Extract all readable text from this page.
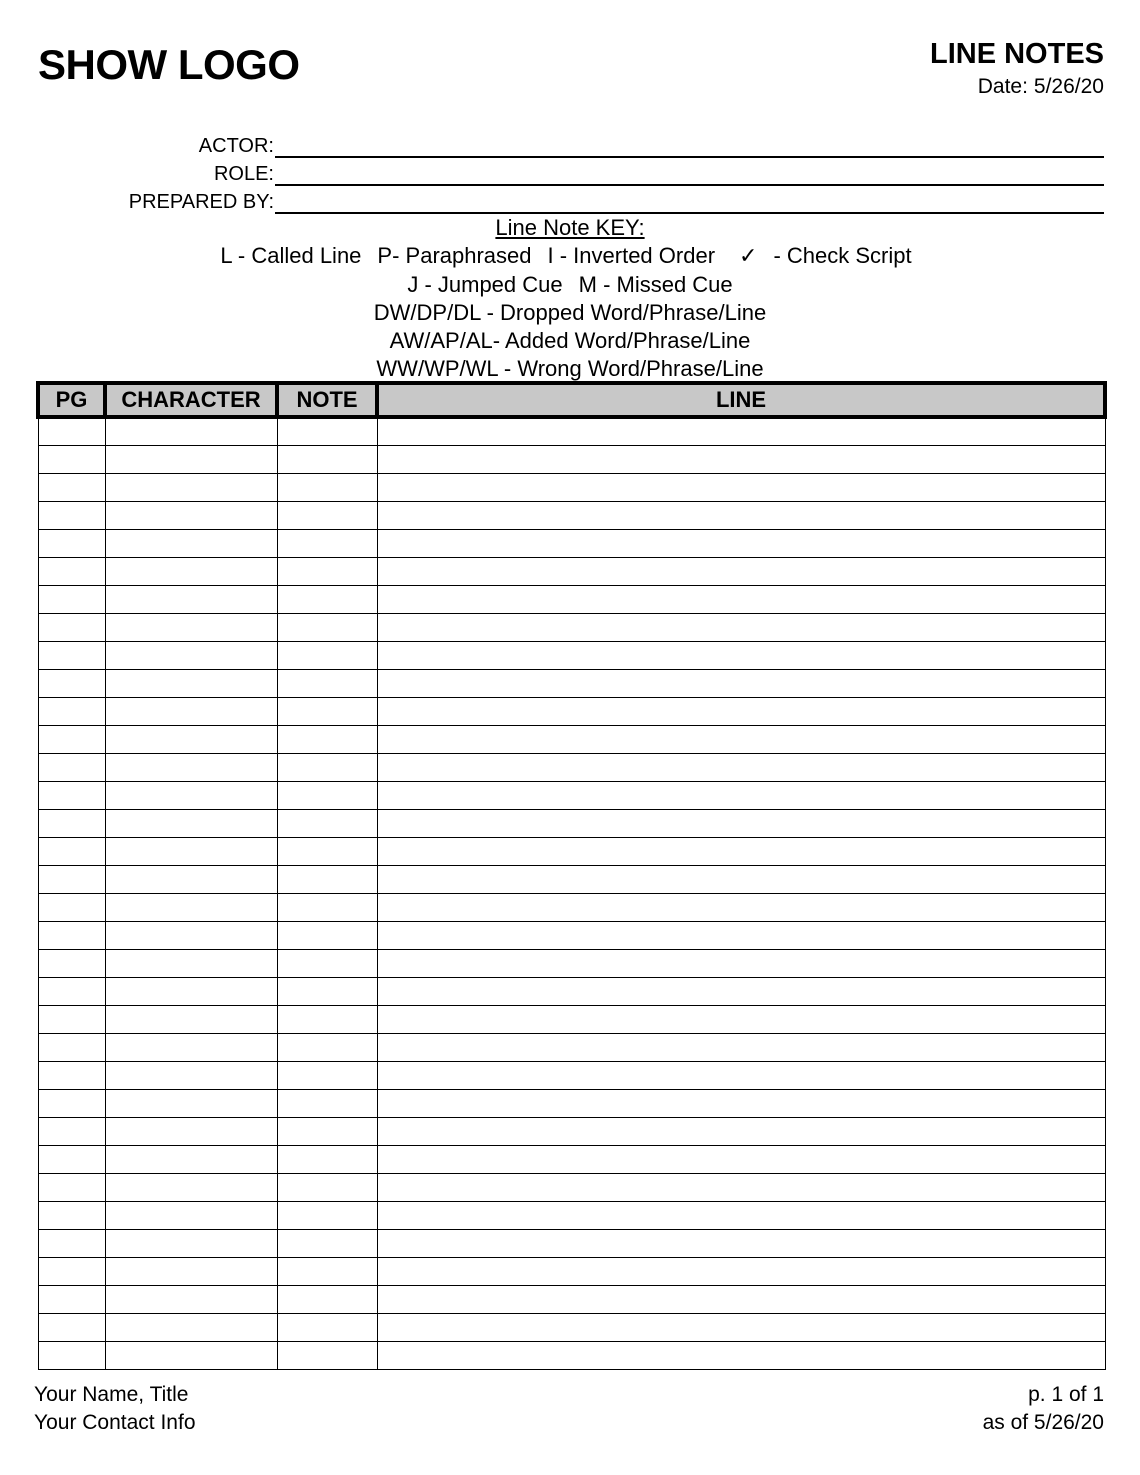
SHOW LOGO	LINE NOTES
Date: 5/26/20
ACTOR:
ROLE:
PREPARED BY:
Line Note KEY:
L - Called Line P- Paraphrased I - Inverted Order ✓ - Check Script
J - Jumped Cue M - Missed Cue
DW/DP/DL - Dropped Word/Phrase/Line
AW/AP/AL- Added Word/Phrase/Line
WW/WP/WL - Wrong Word/Phrase/Line
PG	CHARACTER	NOTE	LINE

Your Name, Title
Your Contact Info
p. 1 of 1
as of 5/26/20
